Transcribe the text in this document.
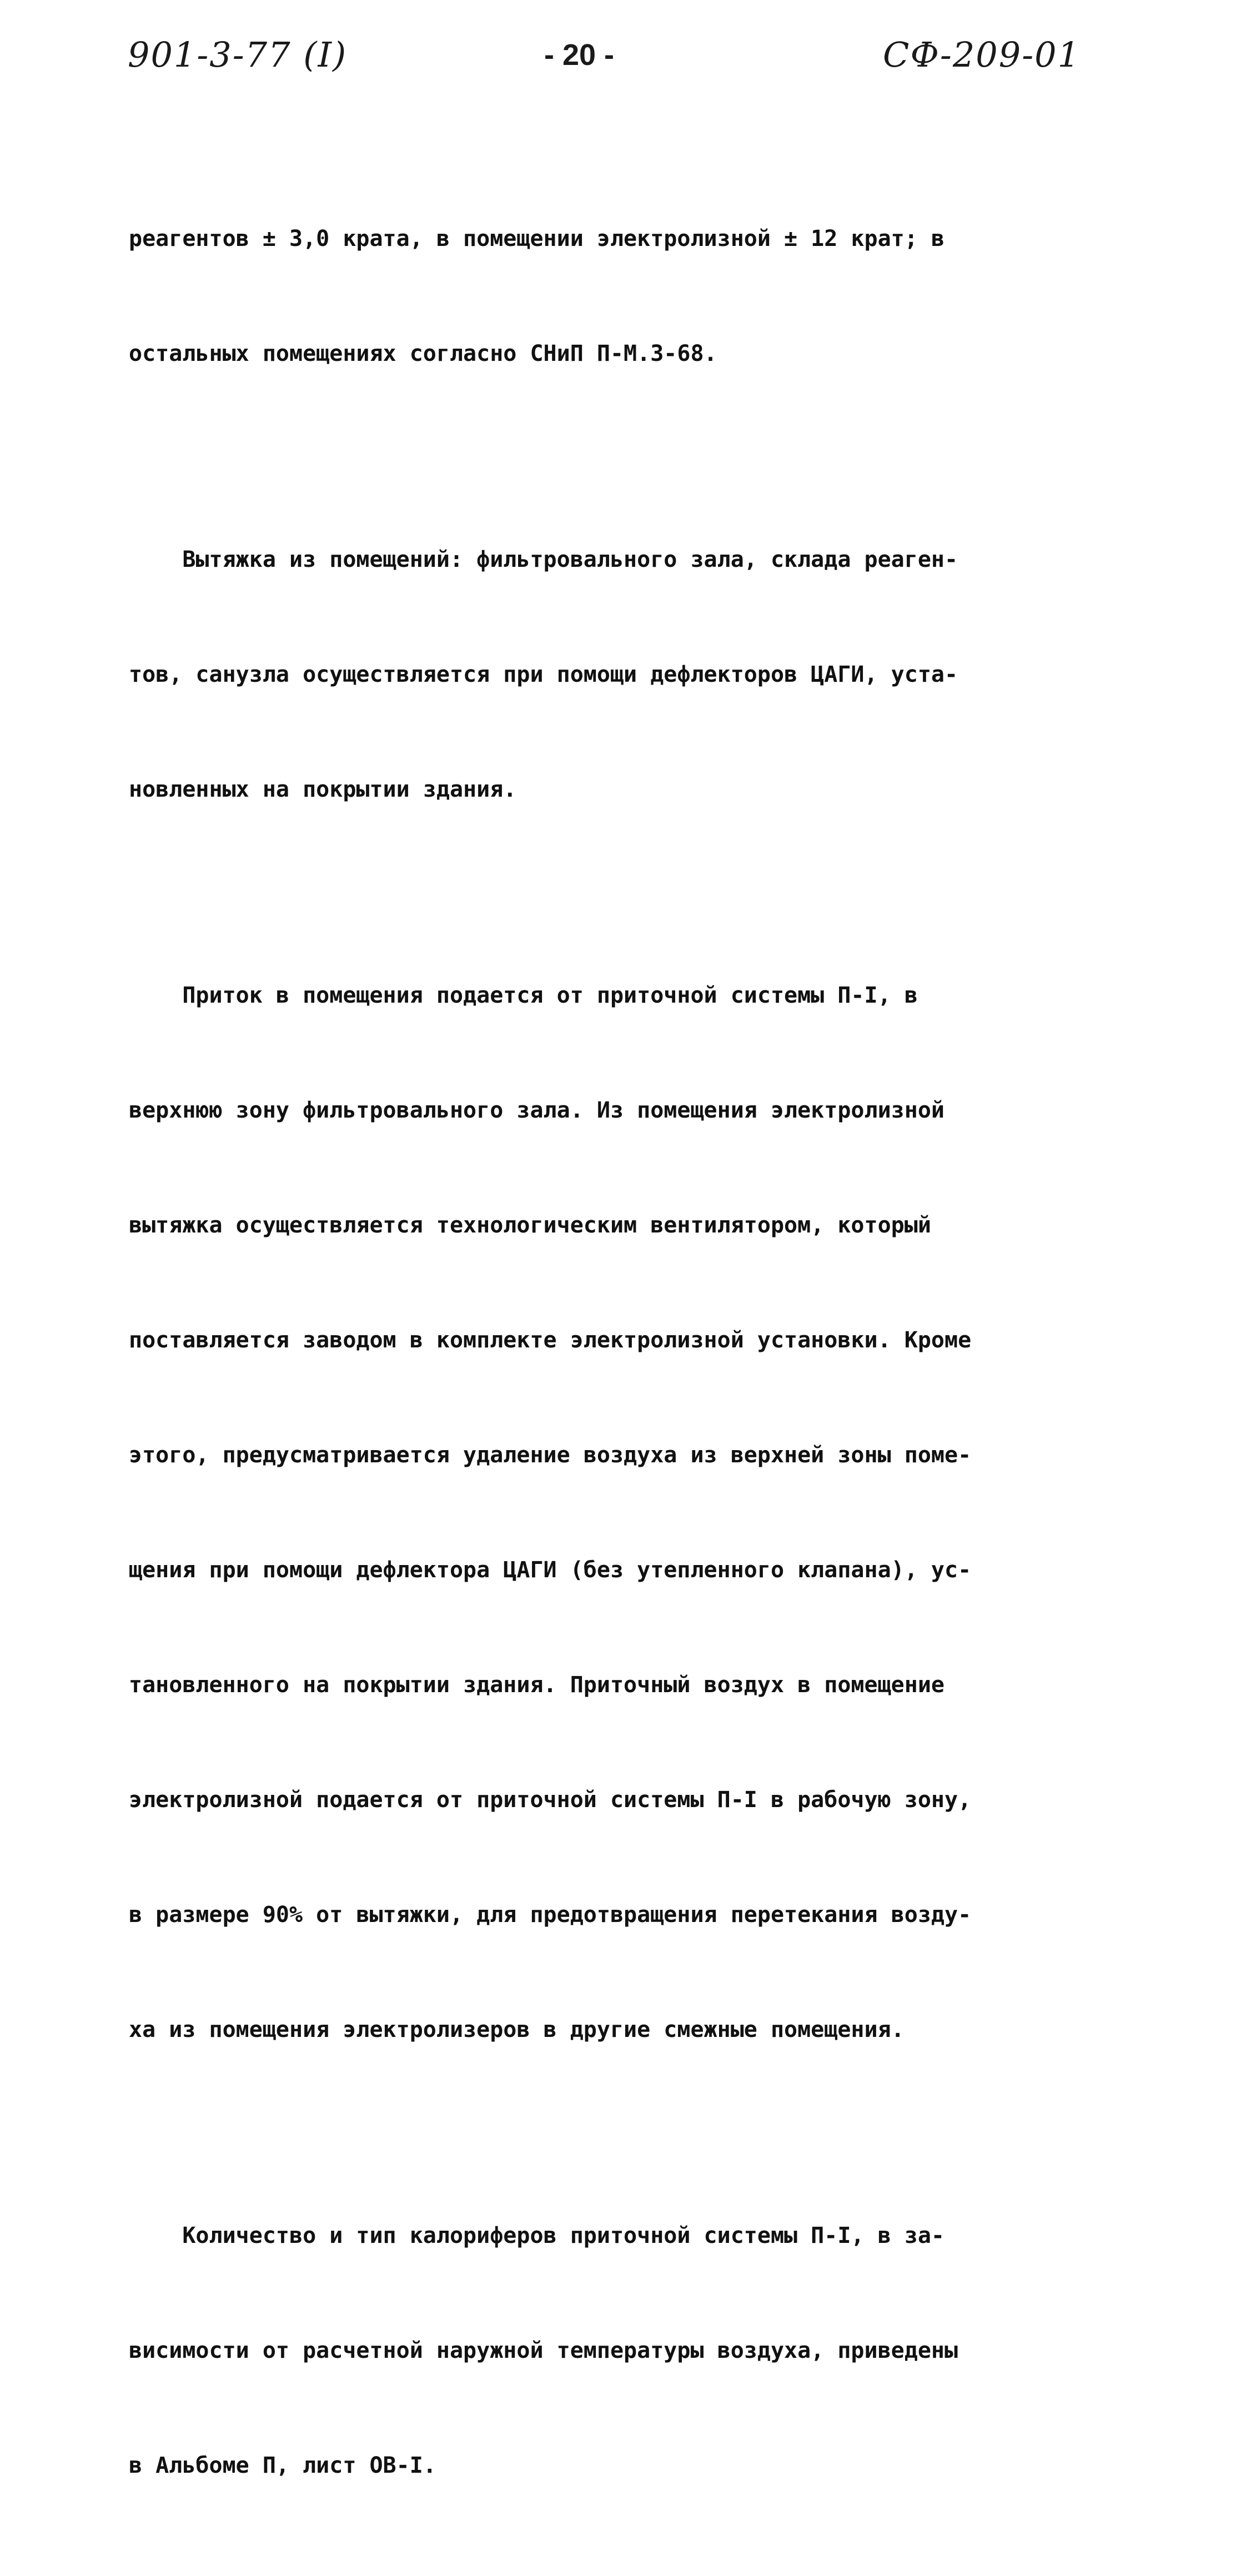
901-3-77 (I)	- 20 -	СФ-209-01

реагентов ± 3,0 крата, в помещении электролизной ± 12 крат; в

остальных помещениях согласно СНиП П-М.3-68.

Вытяжка из помещений: фильтровального зала, склада реаген-

тов, санузла осуществляется при помощи дефлекторов ЦАГИ, уста-

новленных на покрытии здания.

Приток в помещения подается от приточной системы П-I, в

верхнюю зону фильтровального зала. Из помещения электролизной

вытяжка осуществляется технологическим вентилятором, который

поставляется заводом в комплекте электролизной установки. Кроме

этого, предусматривается удаление воздуха из верхней зоны поме-

щения при помощи дефлектора ЦАГИ (без утепленного клапана), ус-

тановленного на покрытии здания. Приточный воздух в помещение

электролизной подается от приточной системы П-I в рабочую зону,

в размере 90% от вытяжки, для предотвращения перетекания возду-

ха из помещения электролизеров в другие смежные помещения.

Количество и тип калориферов приточной системы П-I, в за-

висимости от расчетной наружной температуры воздуха, приведены

в Альбоме П, лист ОВ-I.
